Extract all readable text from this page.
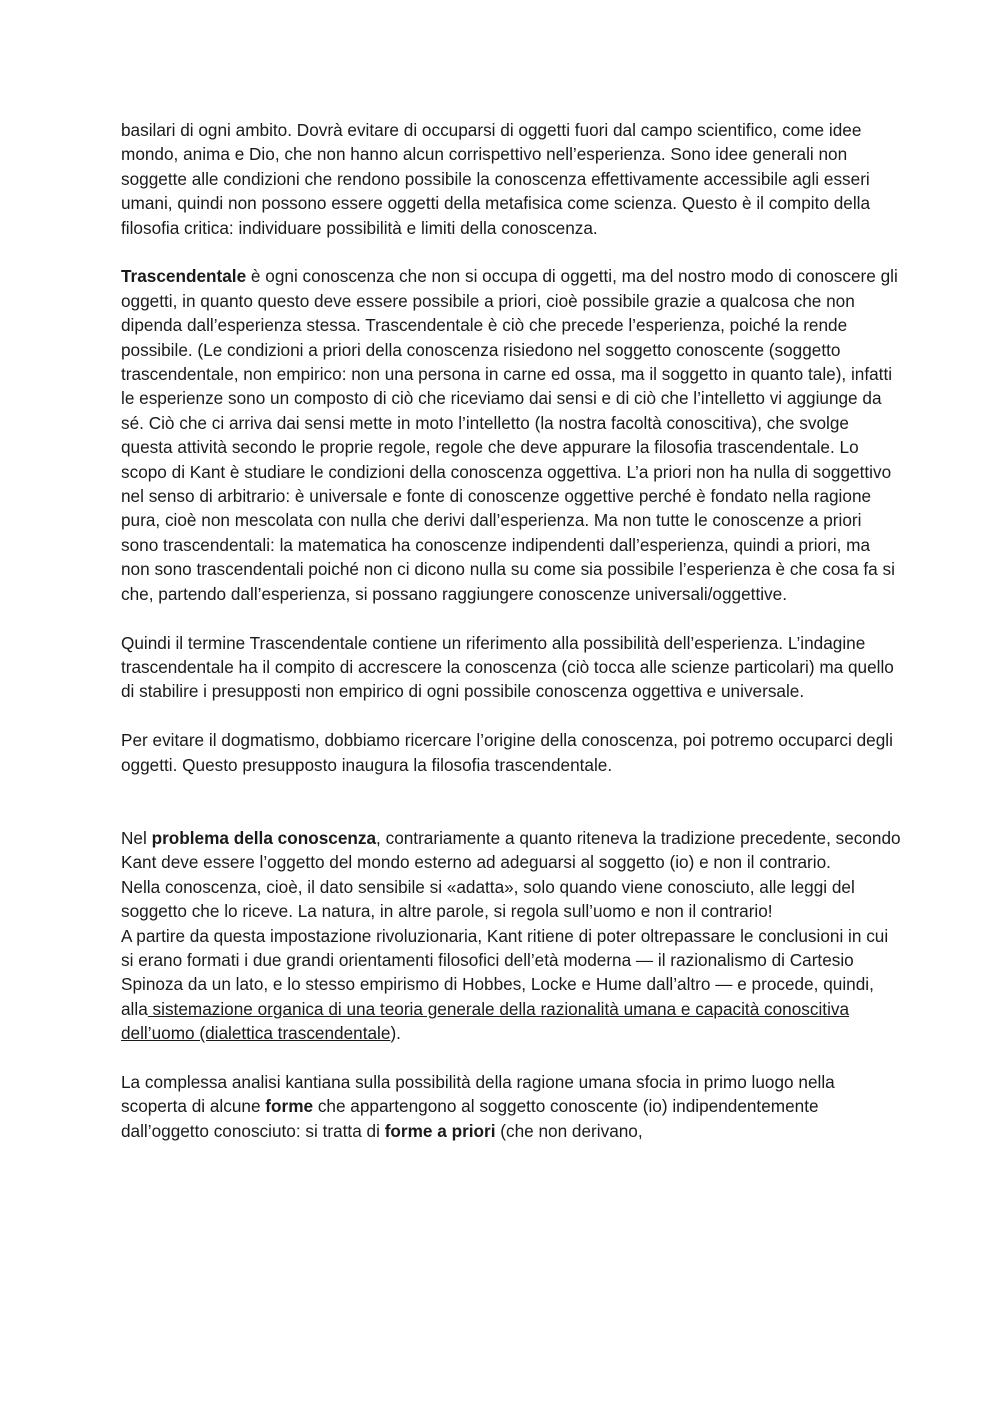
basilari di ogni ambito. Dovrà evitare di occuparsi di oggetti fuori dal campo scientifico, come idee mondo, anima e Dio, che non hanno alcun corrispettivo nell’esperienza. Sono idee generali non soggette alle condizioni che rendono possibile la conoscenza effettivamente accessibile agli esseri umani, quindi non possono essere oggetti della metafisica come scienza. Questo è il compito della filosofia critica: individuare possibilità e limiti della conoscenza.

Trascendentale è ogni conoscenza che non si occupa di oggetti, ma del nostro modo di conoscere gli oggetti, in quanto questo deve essere possibile a priori, cioè possibile grazie a qualcosa che non dipenda dall’esperienza stessa. Trascendentale è ciò che precede l’esperienza, poiché la rende possibile. (Le condizioni a priori della conoscenza risiedono nel soggetto conoscente (soggetto trascendentale, non empirico: non una persona in carne ed ossa, ma il soggetto in quanto tale), infatti le esperienze sono un composto di ciò che riceviamo dai sensi e di ciò che l’intelletto vi aggiunge da sé. Ciò che ci arriva dai sensi mette in moto l’intelletto (la nostra facoltà conoscitiva), che svolge questa attività secondo le proprie regole, regole che deve appurare la filosofia trascendentale. Lo scopo di Kant è studiare le condizioni della conoscenza oggettiva. L’a priori non ha nulla di soggettivo nel senso di arbitrario: è universale e fonte di conoscenze oggettive perché è fondato nella ragione pura, cioè non mescolata con nulla che derivi dall’esperienza. Ma non tutte le conoscenze a priori sono trascendentali: la matematica ha conoscenze indipendenti dall’esperienza, quindi a priori, ma non sono trascendentali poiché non ci dicono nulla su come sia possibile l’esperienza è che cosa fa si che, partendo dall’esperienza, si possano raggiungere conoscenze universali/oggettive.

Quindi il termine Trascendentale contiene un riferimento alla possibilità dell’esperienza. L’indagine trascendentale ha il compito di accrescere la conoscenza (ciò tocca alle scienze particolari) ma quello di stabilire i presupposti non empirico di ogni possibile conoscenza oggettiva e universale.

Per evitare il dogmatismo, dobbiamo ricercare l’origine della conoscenza, poi potremo occuparci degli oggetti. Questo presupposto inaugura la filosofia trascendentale.

Nel problema della conoscenza, contrariamente a quanto riteneva la tradizione precedente, secondo Kant deve essere l’oggetto del mondo esterno ad adeguarsi al soggetto (io) e non il contrario.

Nella conoscenza, cioè, il dato sensibile si «adatta», solo quando viene conosciuto, alle leggi del soggetto che lo riceve. La natura, in altre parole, si regola sull’uomo e non il contrario!

A partire da questa impostazione rivoluzionaria, Kant ritiene di poter oltrepassare le conclusioni in cui si erano formati i due grandi orientamenti filosofici dell’età moderna — il razionalismo di Cartesio Spinoza da un lato, e lo stesso empirismo di Hobbes, Locke e Hume dall’altro — e procede, quindi, alla sistemazione organica di una teoria generale della razionalità umana e capacità conoscitiva dell’uomo (dialettica trascendentale).

La complessa analisi kantiana sulla possibilità della ragione umana sfocia in primo luogo nella scoperta di alcune forme che appartengono al soggetto conoscente (io) indipendentemente dall’oggetto conosciuto: si tratta di forme a priori (che non derivano,
